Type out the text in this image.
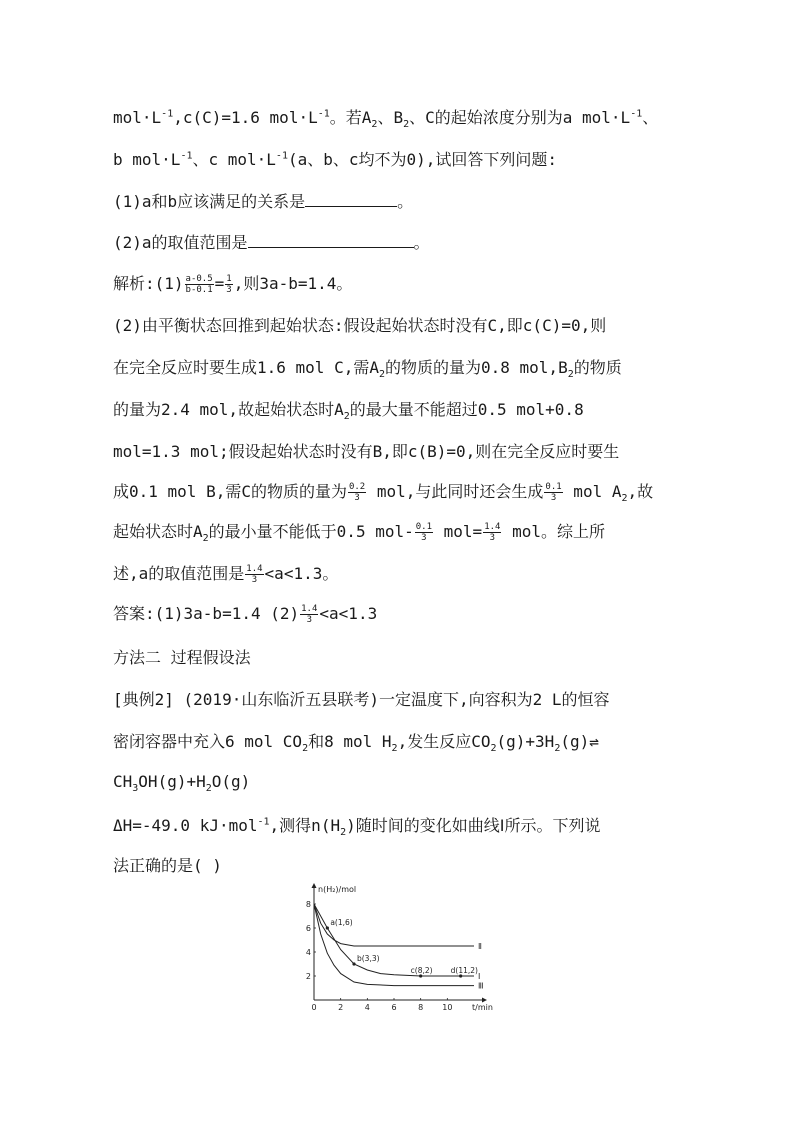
$mol\cdot L^{-1},c(C)=1.6$ $mol\cdot L^{-1}$。若$A_2$、$B_2$、C的起始浓度分别为a $mol\cdot L^{-1}$、
b $mol\cdot L^{-1}$、c $mol\cdot L^{-1}(a$、b、c均不为0),试回答下列问题:
(1)a和b应该满足的关系是	。
(2)a的取值范围是	。
解析:(1) $\frac{a-0.5}{b-0.1} = \frac{1}{3}$ ,则3a-b=1.4。
(2)由平衡状态回推到起始状态:假设起始状态时没有C,即c(C)=0,则
在完全反应时要生成1.6 mol C,需$A_2$的物质的量为0.8 $mol,B_2$的物质
的量为2.4 mol,故起始状态时$A_2$的最大量不能超过0.5 mol+0.8
mol=1.3 mol;假设起始状态时没有B,即c(B)=0,则在完全反应时要生
成0.1 mol B,需C的物质的量为 $\frac{0.2}{3}$ mol,与此同时还会生成 $\frac{0.1}{3}$ mol $A_2$,故
起始状态时$A_2$的最小量不能低于0.5 $mol- \frac{0.1}{3} mol= \frac{1.4}{3}$ mol。综上所
述,a的取值范围是 $\frac{1.4}{3} <a<1.3$。
答案:(1)3a-b=1.4 $(2) \frac{1.4}{3} <a<1.3$
方法二 过程假设法
[典例2] (2019·山东临沂五县联考)一定温度下,向容积为2 L的恒容
密闭容器中充入6 mol $CO_2$和8 mol $H_2$,发生反应$CO_2(g)+3H_2(g)\rightleftharpoons$
$CH_3OH(g)+H_2O(g)$
ΔH=-49.0 kJ·mol$^{-1}$,测得$n(H_2)$随时间的变化如曲线Ⅰ所示。下列说
法正确的是( )
n(H₂)/mol
t/min
0	2	4	6	8 10
2
4
6
8
Ⅰ
Ⅱ
Ⅲ
a(1,6)
b(3,3)
c(8,2) d(11,2)
